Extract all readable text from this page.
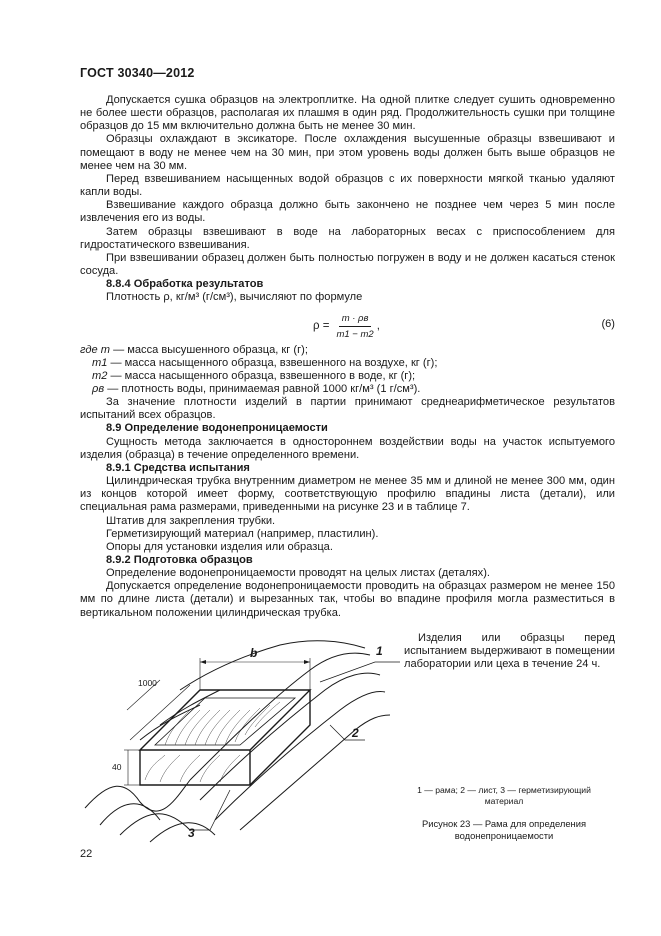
ГОСТ 30340—2012

Допускается сушка образцов на электроплитке. На одной плитке следует сушить одновременно не более шести образцов, располагая их плашмя в один ряд. Продолжительность сушки при толщине образцов до 15 мм включительно должна быть не менее 30 мин.

Образцы охлаждают в эксикаторе. После охлаждения высушенные образцы взвешивают и помещают в воду не менее чем на 30 мин, при этом уровень воды должен быть выше образцов не менее чем на 30 мм.

Перед взвешиванием насыщенных водой образцов с их поверхности мягкой тканью удаляют капли воды.

Взвешивание каждого образца должно быть закончено не позднее чем через 5 мин после извлечения его из воды.

Затем образцы взвешивают в воде на лабораторных весах с приспособлением для гидростатического взвешивания.

При взвешивании образец должен быть полностью погружен в воду и не должен касаться стенок сосуда.

8.8.4 Обработка результатов

Плотность ρ, кг/м³ (г/см³), вычисляют по формуле

$\rho = \frac{m \cdot \rho в}{m1 - m2}$ ,	(6)

где m — масса высушенного образца, кг (г);

m1 — масса насыщенного образца, взвешенного на воздухе, кг (г);

m2 — масса насыщенного образца, взвешенного в воде, кг (г);

ρв — плотность воды, принимаемая равной 1000 кг/м³ (1 г/см³).

За значение плотности изделий в партии принимают среднеарифметическое результатов испытаний всех образцов.

8.9 Определение водонепроницаемости

Сущность метода заключается в одностороннем воздействии воды на участок испытуемого изделия (образца) в течение определенного времени.

8.9.1 Средства испытания

Цилиндрическая трубка внутренним диаметром не менее 35 мм и длиной не менее 300 мм, один из концов которой имеет форму, соответствующую профилю впадины листа (детали), или специальная рама размерами, приведенными на рисунке 23 и в таблице 7.

Штатив для закрепления трубки.

Герметизирующий материал (например, пластилин).

Опоры для установки изделия или образца.

8.9.2 Подготовка образцов

Определение водонепроницаемости проводят на целых листах (деталях).

Допускается определение водонепроницаемости проводить на образцах размером не менее 150 мм по длине листа (детали) и вырезанных так, чтобы во впадине профиля могла разместиться в вертикальном положении цилиндрическая трубка.

1
2
3
b
1000
40
Изделия или образцы перед испытанием выдерживают в помещении лаборатории или цеха в течение 24 ч.
1 — рама; 2 — лист, 3 — герметизирующий материал
Рисунок 23 — Рама для определения водонепроницаемости
22
